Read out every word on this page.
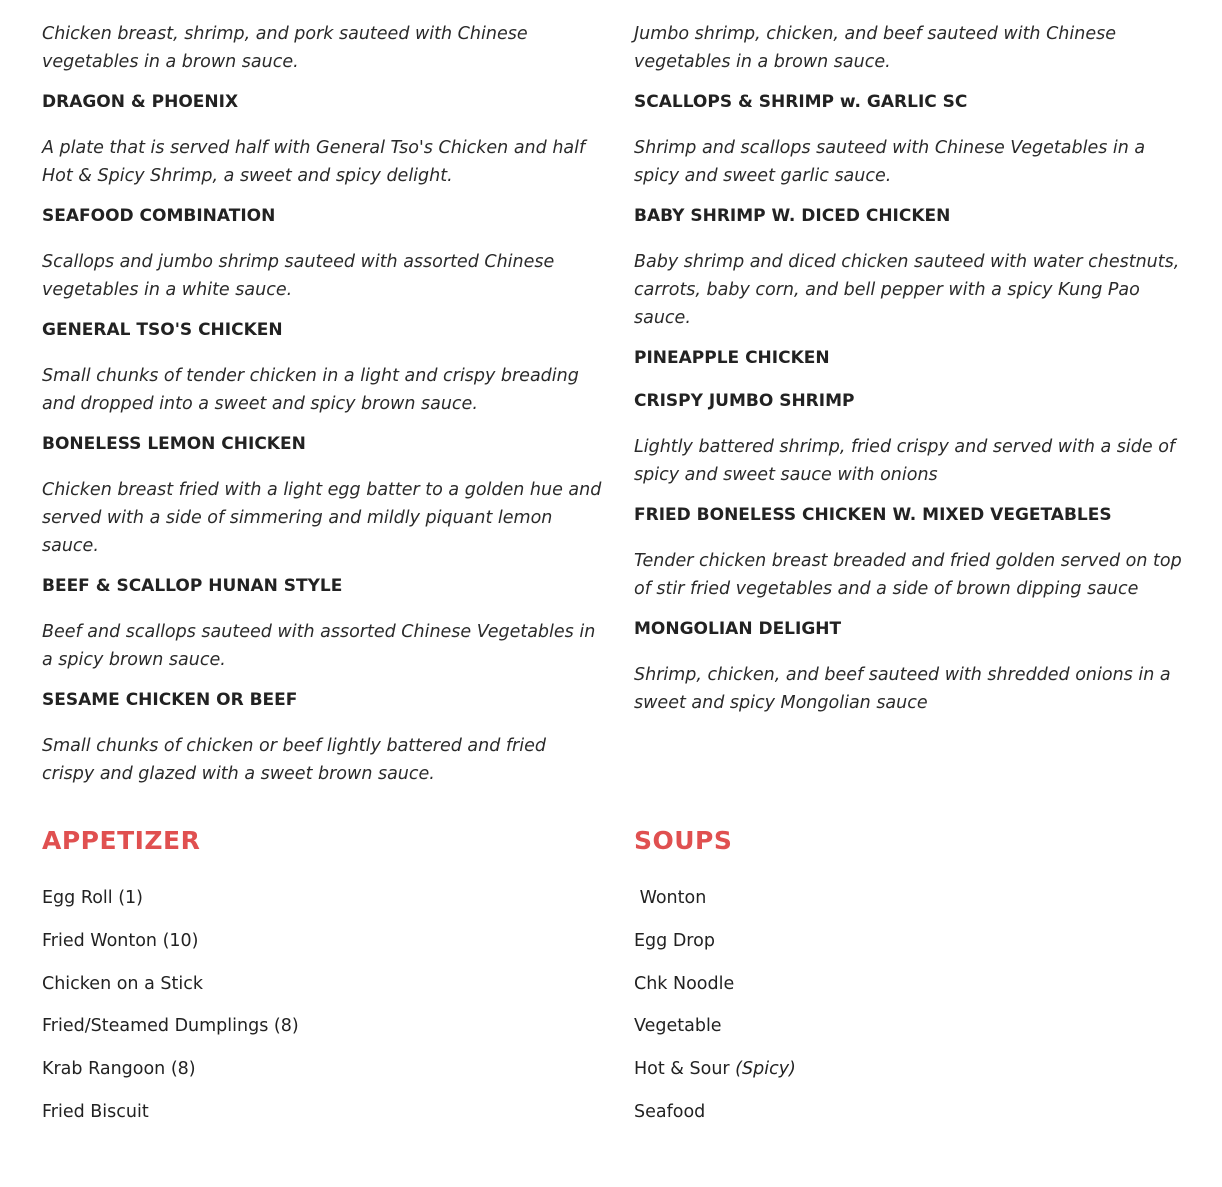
Chicken breast, shrimp, and pork sauteed with Chinese vegetables in a brown sauce.
DRAGON & PHOENIX
A plate that is served half with General Tso's Chicken and half Hot & Spicy Shrimp, a sweet and spicy delight.
SEAFOOD COMBINATION
Scallops and jumbo shrimp sauteed with assorted Chinese vegetables in a white sauce.
GENERAL TSO'S CHICKEN
Small chunks of tender chicken in a light and crispy breading and dropped into a sweet and spicy brown sauce.
BONELESS LEMON CHICKEN
Chicken breast fried with a light egg batter to a golden hue and served with a side of simmering and mildly piquant lemon sauce.
BEEF & SCALLOP HUNAN STYLE
Beef and scallops sauteed with assorted Chinese Vegetables in a spicy brown sauce.
SESAME CHICKEN OR BEEF
Small chunks of chicken or beef lightly battered and fried crispy and glazed with a sweet brown sauce.
Jumbo shrimp, chicken, and beef sauteed with Chinese vegetables in a brown sauce.
SCALLOPS & SHRIMP w. GARLIC SC
Shrimp and scallops sauteed with Chinese Vegetables in a spicy and sweet garlic sauce.
BABY SHRIMP W. DICED CHICKEN
Baby shrimp and diced chicken sauteed with water chestnuts, carrots, baby corn, and bell pepper with a spicy Kung Pao sauce.
PINEAPPLE CHICKEN
CRISPY JUMBO SHRIMP
Lightly battered shrimp, fried crispy and served with a side of spicy and sweet sauce with onions
FRIED BONELESS CHICKEN W. MIXED VEGETABLES
Tender chicken breast breaded and fried golden served on top of stir fried vegetables and a side of brown dipping sauce
MONGOLIAN DELIGHT
Shrimp, chicken, and beef sauteed with shredded onions in a sweet and spicy Mongolian sauce
APPETIZER
Egg Roll (1)
Fried Wonton (10)
Chicken on a Stick
Fried/Steamed Dumplings (8)
Krab Rangoon (8)
Fried Biscuit
SOUPS
Wonton
Egg Drop
Chk Noodle
Vegetable
Hot & Sour (Spicy)
Seafood
